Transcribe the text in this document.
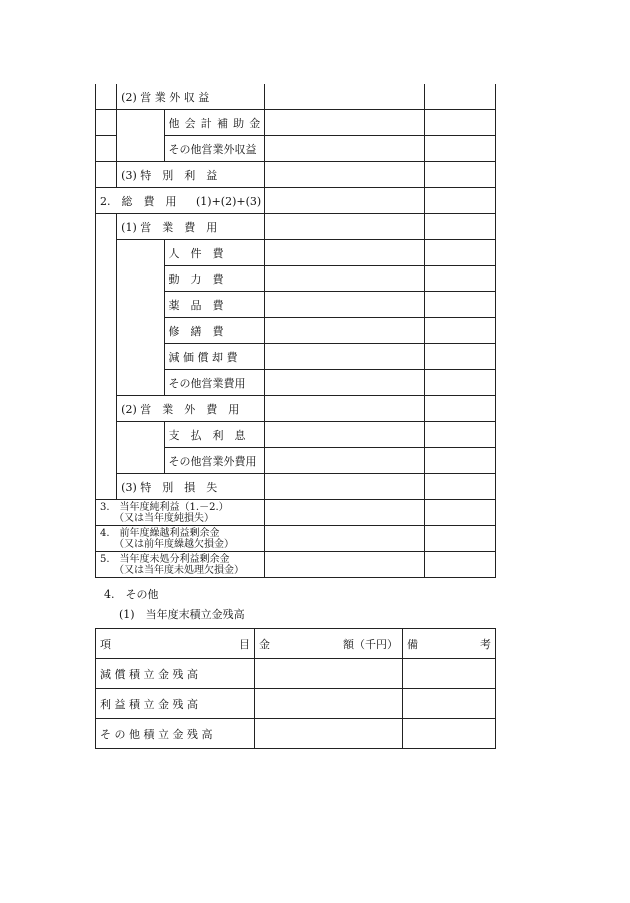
	(2) 営 業 外 収 益			
		他会計補助金		
		その他営業外収益		
	(3) 特　別　利　益			
2.　総　費　用 (1)+(2)+(3)				
	(1) 営　業　費　用			
		人　件　費		
		動　力　費		
		薬　品　費		
		修　繕　費		
		減 価 償 却 費		
		その他営業費用		
	(2) 営　業　外　費　用			
		支　払　利　息		
		その他営業外費用		
	(3) 特　別　損　失			

3.　当年度純利益（1.－2.）
（又は当年度純損失）				

4.　前年度繰越利益剰余金
（又は前年度繰越欠損金）				

5.　当年度未処分利益剰余金
（又は当年度未処理欠損金）				

4.　その他
(1)　当年度末積立金残高
項 目	金 額（千円）	備 考

減 償 積 立 金 残 高		
利 益 積 立 金 残 高		
そ の 他 積 立 金 残 高		
